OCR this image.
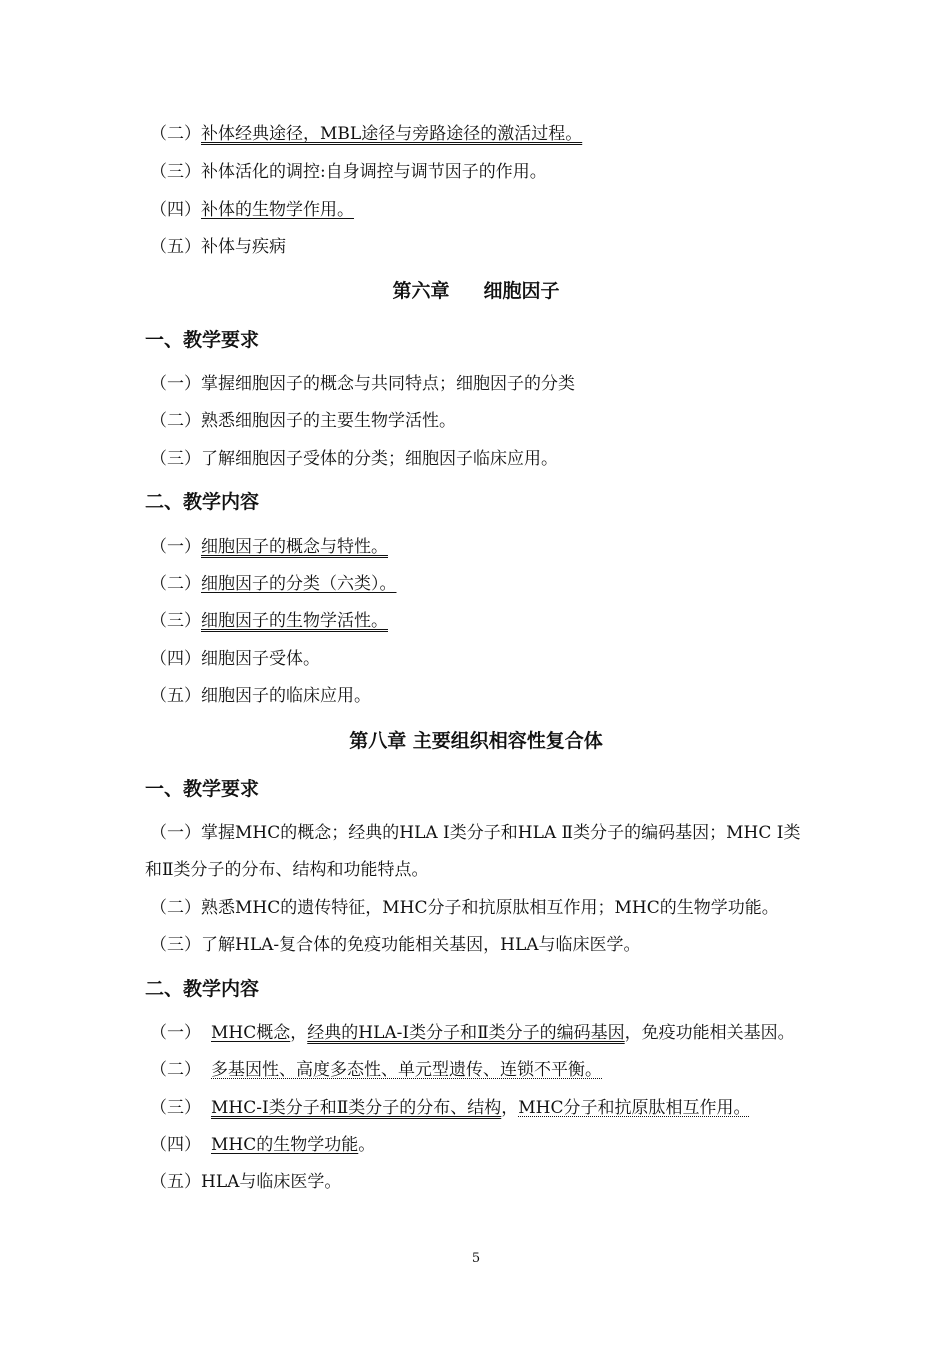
（二）补体经典途径，MBL途径与旁路途径的激活过程。
（三）补体活化的调控:自身调控与调节因子的作用。
（四）补体的生物学作用。
（五）补体与疾病
第六章 细胞因子
一、教学要求
（一）掌握细胞因子的概念与共同特点；细胞因子的分类
（二）熟悉细胞因子的主要生物学活性。
（三）了解细胞因子受体的分类；细胞因子临床应用。
二、教学内容
（一）细胞因子的概念与特性。
（二）细胞因子的分类（六类）。
（三）细胞因子的生物学活性。
（四）细胞因子受体。
（五）细胞因子的临床应用。
第八章 主要组织相容性复合体
一、教学要求
（一）掌握MHC的概念；经典的HLA Ⅰ类分子和HLA Ⅱ类分子的编码基因；MHC Ⅰ类
和Ⅱ类分子的分布、结构和功能特点。
（二）熟悉MHC的遗传特征，MHC分子和抗原肽相互作用；MHC的生物学功能。
（三）了解HLA-复合体的免疫功能相关基因，HLA与临床医学。
二、教学内容
（一） MHC概念，经典的HLA-Ⅰ类分子和Ⅱ类分子的编码基因，免疫功能相关基因。
（二） 多基因性、高度多态性、单元型遗传、连锁不平衡。
（三） MHC-Ⅰ类分子和Ⅱ类分子的分布、结构，MHC分子和抗原肽相互作用。
（四） MHC的生物学功能。
（五）HLA与临床医学。
5
